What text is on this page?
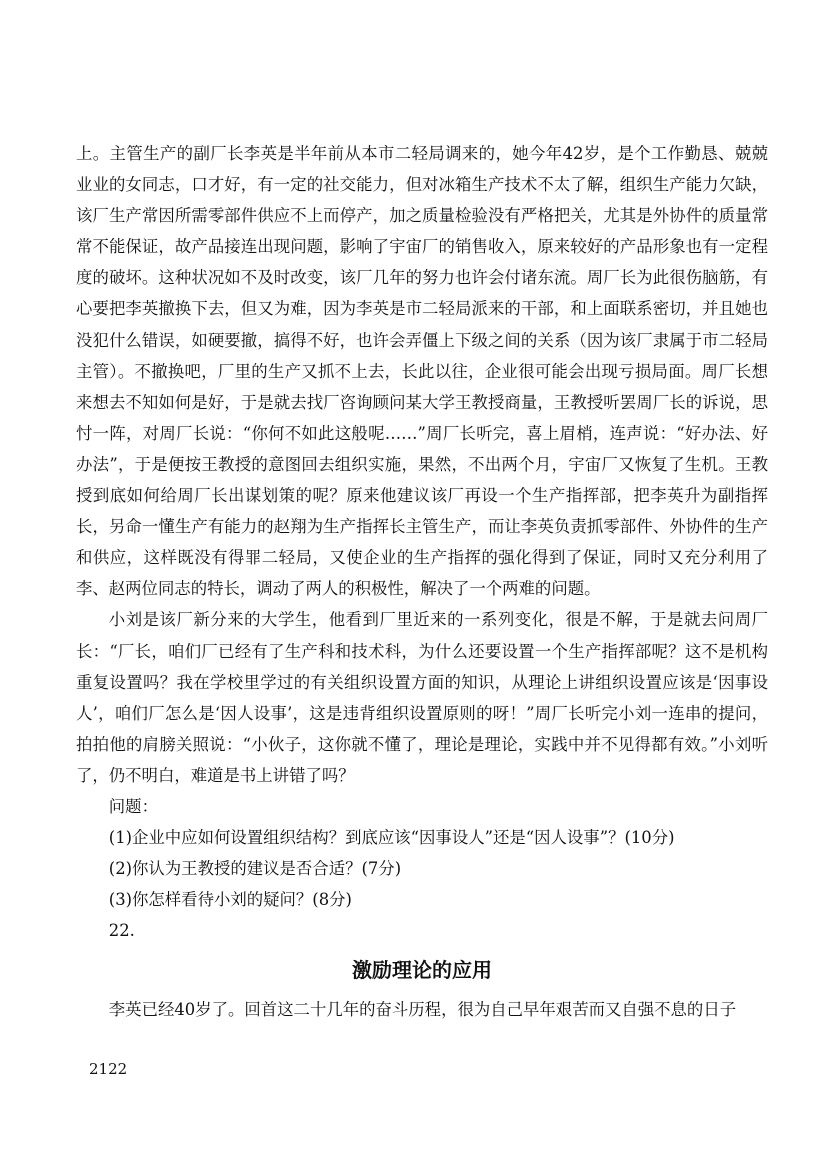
上。主管生产的副厂长李英是半年前从本市二轻局调来的，她今年42岁，是个工作勤恳、兢兢业业的女同志，口才好，有一定的社交能力，但对冰箱生产技术不太了解，组织生产能力欠缺，该厂生产常因所需零部件供应不上而停产，加之质量检验没有严格把关，尤其是外协件的质量常常不能保证，故产品接连出现问题，影响了宇宙厂的销售收入，原来较好的产品形象也有一定程度的破坏。这种状况如不及时改变，该厂几年的努力也许会付诸东流。周厂长为此很伤脑筋，有心要把李英撤换下去，但又为难，因为李英是市二轻局派来的干部，和上面联系密切，并且她也没犯什么错误，如硬要撤，搞得不好，也许会弄僵上下级之间的关系（因为该厂隶属于市二轻局主管）。不撤换吧，厂里的生产又抓不上去，长此以往，企业很可能会出现亏损局面。周厂长想来想去不知如何是好，于是就去找厂咨询顾问某大学王教授商量，王教授听罢周厂长的诉说，思忖一阵，对周厂长说：“你何不如此这般呢……”周厂长听完，喜上眉梢，连声说：“好办法、好办法”，于是便按王教授的意图回去组织实施，果然，不出两个月，宇宙厂又恢复了生机。王教授到底如何给周厂长出谋划策的呢？原来他建议该厂再设一个生产指挥部，把李英升为副指挥长，另命一懂生产有能力的赵翔为生产指挥长主管生产，而让李英负责抓零部件、外协件的生产和供应，这样既没有得罪二轻局，又使企业的生产指挥的强化得到了保证，同时又充分利用了李、赵两位同志的特长，调动了两人的积极性，解决了一个两难的问题。

小刘是该厂新分来的大学生，他看到厂里近来的一系列变化，很是不解，于是就去问周厂长：“厂长，咱们厂已经有了生产科和技术科，为什么还要设置一个生产指挥部呢？这不是机构重复设置吗？我在学校里学过的有关组织设置方面的知识，从理论上讲组织设置应该是‘因事设人’，咱们厂怎么是‘因人设事’，这是违背组织设置原则的呀！”周厂长听完小刘一连串的提问，拍拍他的肩膀关照说：“小伙子，这你就不懂了，理论是理论，实践中并不见得都有效。”小刘听了，仍不明白，难道是书上讲错了吗？

问题：

(1)企业中应如何设置组织结构？到底应该“因事设人”还是“因人设事”？(10分)

(2)你认为王教授的建议是否合适？(7分)

(3)你怎样看待小刘的疑问？(8分)

22.

激励理论的应用

李英已经40岁了。回首这二十几年的奋斗历程，很为自己早年艰苦而又自强不息的日子

2122
